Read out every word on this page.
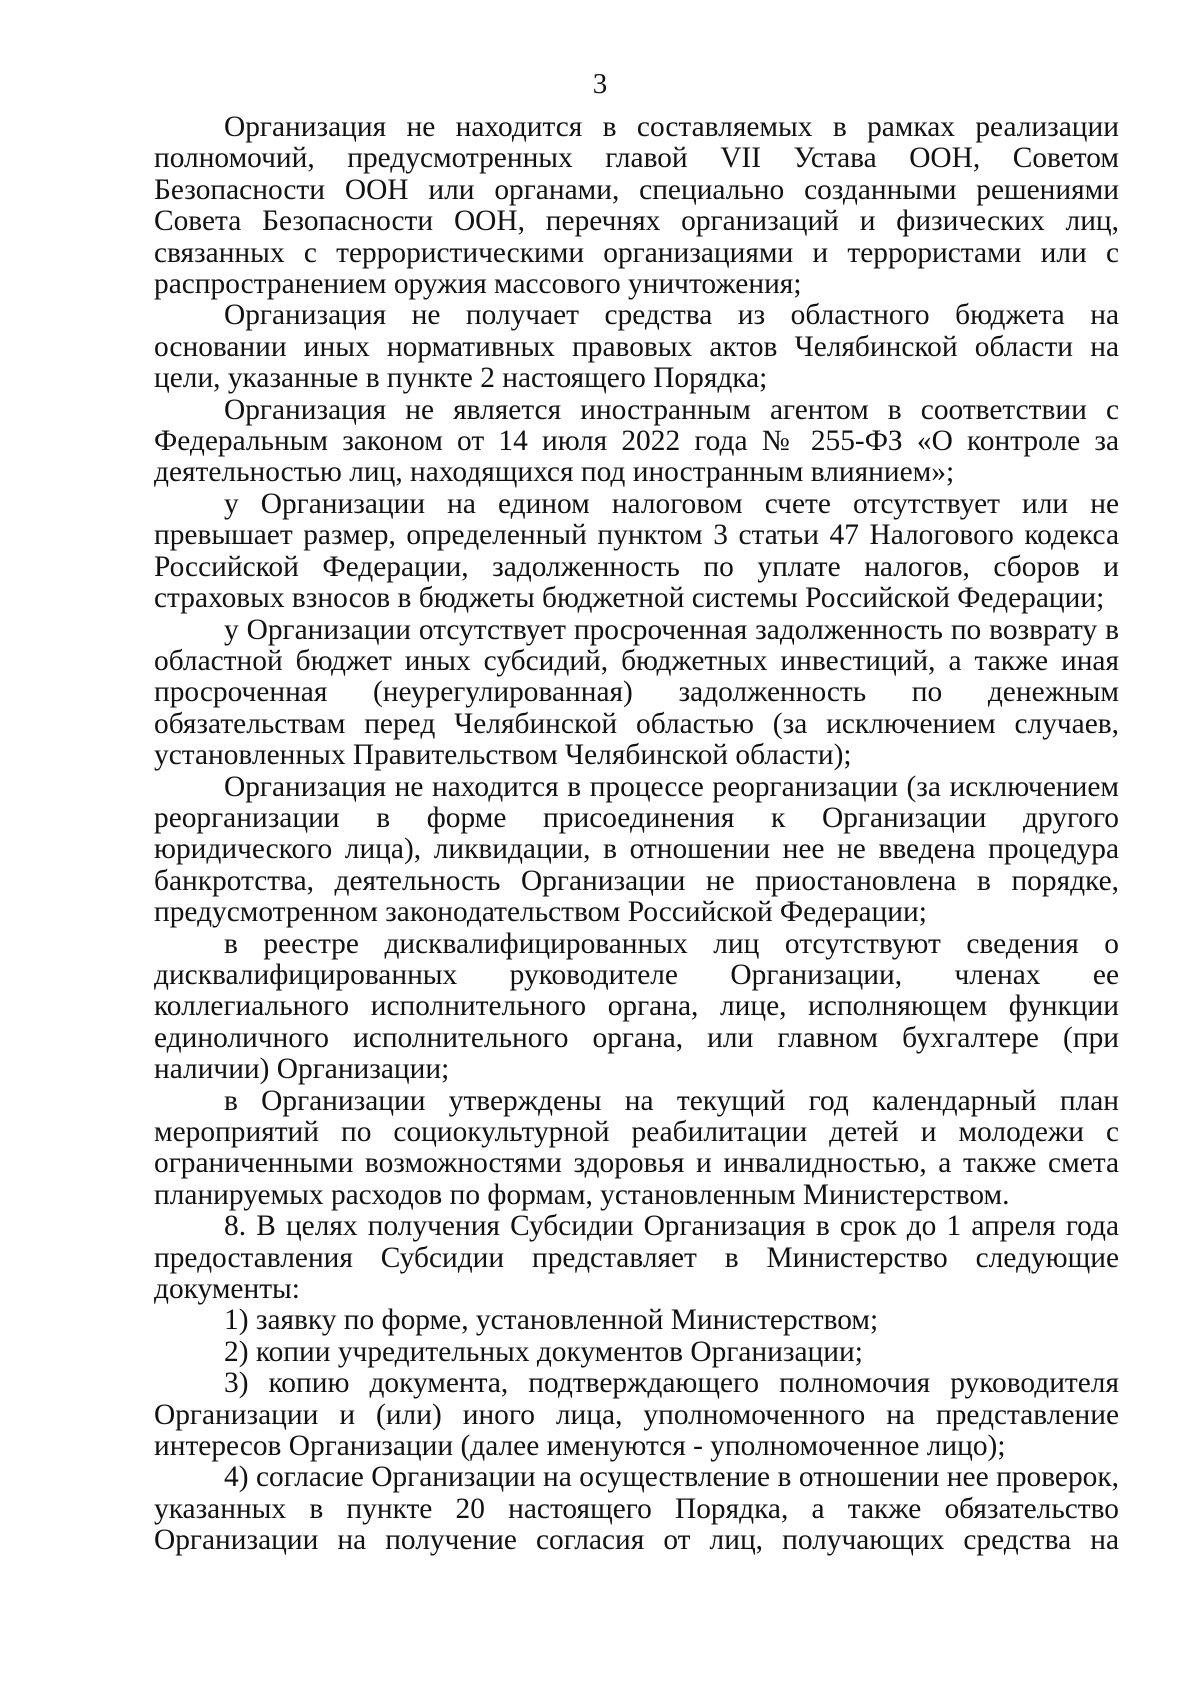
3

Организация не находится в составляемых в рамках реализации полномочий, предусмотренных главой VII Устава ООН, Советом Безопасности ООН или органами, специально созданными решениями Совета Безопасности ООН, перечнях организаций и физических лиц, связанных с террористическими организациями и террористами или с распространением оружия массового уничтожения;

Организация не получает средства из областного бюджета на основании иных нормативных правовых актов Челябинской области на цели, указанные в пункте 2 настоящего Порядка;

Организация не является иностранным агентом в соответствии с Федеральным законом от 14 июля 2022 года № 255-ФЗ «О контроле за деятельностью лиц, находящихся под иностранным влиянием»;

у Организации на едином налоговом счете отсутствует или не превышает размер, определенный пунктом 3 статьи 47 Налогового кодекса Российской Федерации, задолженность по уплате налогов, сборов и страховых взносов в бюджеты бюджетной системы Российской Федерации;

у Организации отсутствует просроченная задолженность по возврату в областной бюджет иных субсидий, бюджетных инвестиций, а также иная просроченная (неурегулированная) задолженность по денежным обязательствам перед Челябинской областью (за исключением случаев, установленных Правительством Челябинской области);

Организация не находится в процессе реорганизации (за исключением реорганизации в форме присоединения к Организации другого юридического лица), ликвидации, в отношении нее не введена процедура банкротства, деятельность Организации не приостановлена в порядке, предусмотренном законодательством Российской Федерации;

в реестре дисквалифицированных лиц отсутствуют сведения о дисквалифицированных руководителе Организации, членах ее коллегиального исполнительного органа, лице, исполняющем функции единоличного исполнительного органа, или главном бухгалтере (при наличии) Организации;

в Организации утверждены на текущий год календарный план мероприятий по социокультурной реабилитации детей и молодежи с ограниченными возможностями здоровья и инвалидностью, а также смета планируемых расходов по формам, установленным Министерством.

8. В целях получения Субсидии Организация в срок до 1 апреля года предоставления Субсидии представляет в Министерство следующие документы:

1) заявку по форме, установленной Министерством;

2) копии учредительных документов Организации;

3) копию документа, подтверждающего полномочия руководителя Организации и (или) иного лица, уполномоченного на представление интересов Организации (далее именуются - уполномоченное лицо);

4) согласие Организации на осуществление в отношении нее проверок, указанных в пункте 20 настоящего Порядка, а также обязательство Организации на получение согласия от лиц, получающих средства на
